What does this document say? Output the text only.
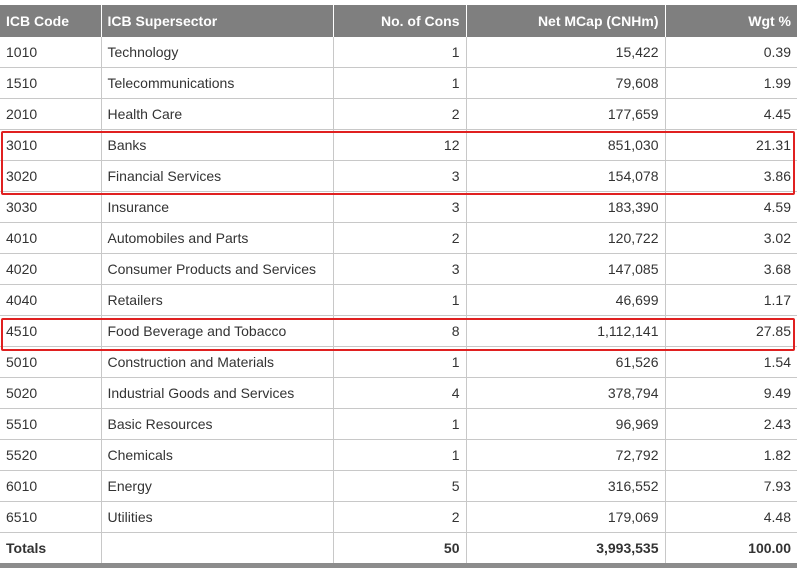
ICB Code	ICB Supersector	No. of Cons	Net MCap (CNHm)	Wgt %
1010	Technology	1	15,422	0.39
1510	Telecommunications	1	79,608	1.99
2010	Health Care	2	177,659	4.45
3010	Banks	12	851,030	21.31
3020	Financial Services	3	154,078	3.86
3030	Insurance	3	183,390	4.59
4010	Automobiles and Parts	2	120,722	3.02
4020	Consumer Products and Services	3	147,085	3.68
4040	Retailers	1	46,699	1.17
4510	Food Beverage and Tobacco	8	1,112,141	27.85
5010	Construction and Materials	1	61,526	1.54
5020	Industrial Goods and Services	4	378,794	9.49
5510	Basic Resources	1	96,969	2.43
5520	Chemicals	1	72,792	1.82
6010	Energy	5	316,552	7.93
6510	Utilities	2	179,069	4.48
Totals		50	3,993,535	100.00
